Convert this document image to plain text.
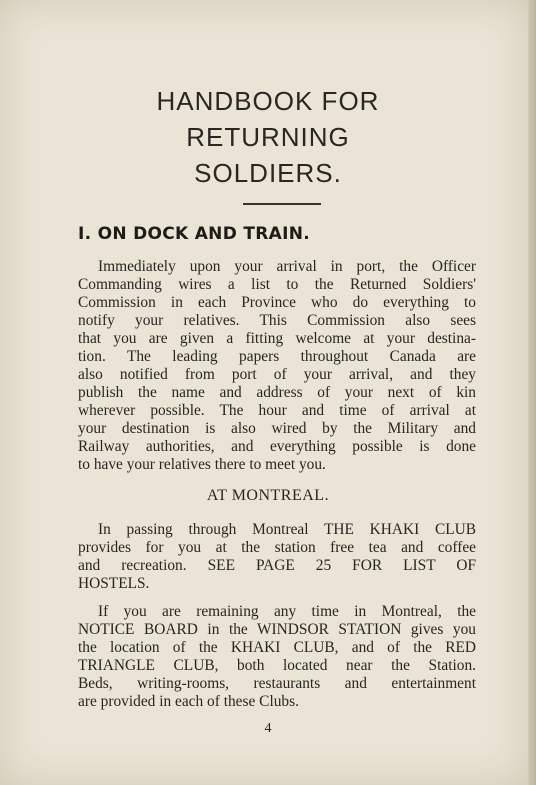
HANDBOOK FOR
RETURNING
SOLDIERS.
I. ON DOCK AND TRAIN.
Immediately upon your arrival in port, the Officer
Commanding wires a list to the Returned Soldiers'
Commission in each Province who do everything to
notify your relatives. This Commission also sees
that you are given a fitting welcome at your destina-
tion. The leading papers throughout Canada are
also notified from port of your arrival, and they
publish the name and address of your next of kin
wherever possible. The hour and time of arrival at
your destination is also wired by the Military and
Railway authorities, and everything possible is done
to have your relatives there to meet you.
AT MONTREAL.
In passing through Montreal THE KHAKI CLUB
provides for you at the station free tea and coffee
and recreation. SEE PAGE 25 FOR LIST OF
HOSTELS.
If you are remaining any time in Montreal, the
NOTICE BOARD in the WINDSOR STATION gives you
the location of the KHAKI CLUB, and of the RED
TRIANGLE CLUB, both located near the Station.
Beds, writing-rooms, restaurants and entertainment
are provided in each of these Clubs.
4
